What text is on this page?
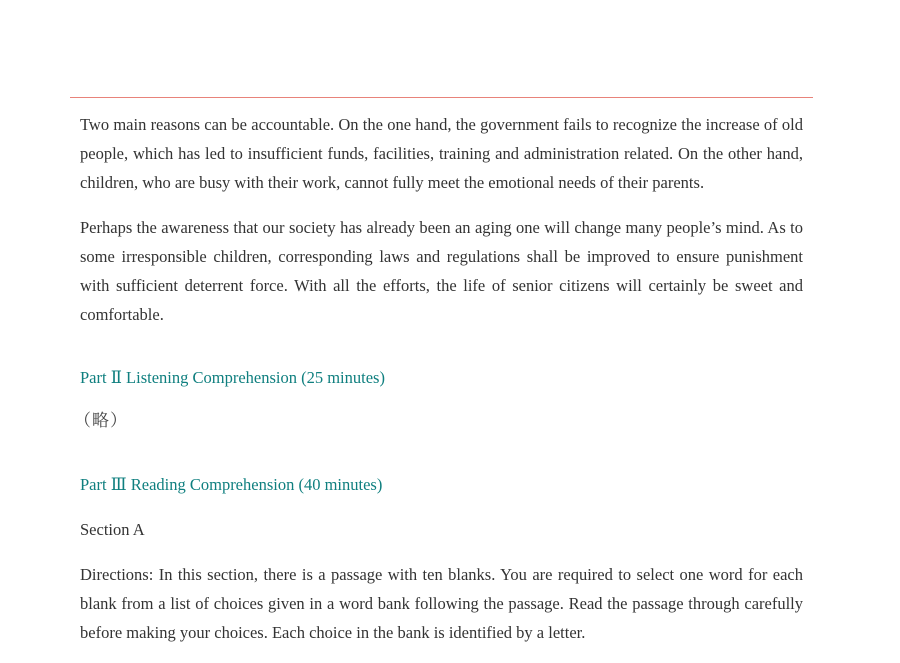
Two main reasons can be accountable. On the one hand, the government fails to recognize the increase of old people, which has led to insufficient funds, facilities, training and administration related. On the other hand, children, who are busy with their work, cannot fully meet the emotional needs of their parents.

Perhaps the awareness that our society has already been an aging one will change many people’s mind. As to some irresponsible children, corresponding laws and regulations shall be improved to ensure punishment with sufficient deterrent force. With all the efforts, the life of senior citizens will certainly be sweet and comfortable.

Part Ⅱ Listening Comprehension (25 minutes)

（略）

Part Ⅲ Reading Comprehension (40 minutes)

Section A

Directions: In this section, there is a passage with ten blanks. You are required to select one word for each blank from a list of choices given in a word bank following the passage. Read the passage through carefully before making your choices. Each choice in the bank is identified by a letter.
